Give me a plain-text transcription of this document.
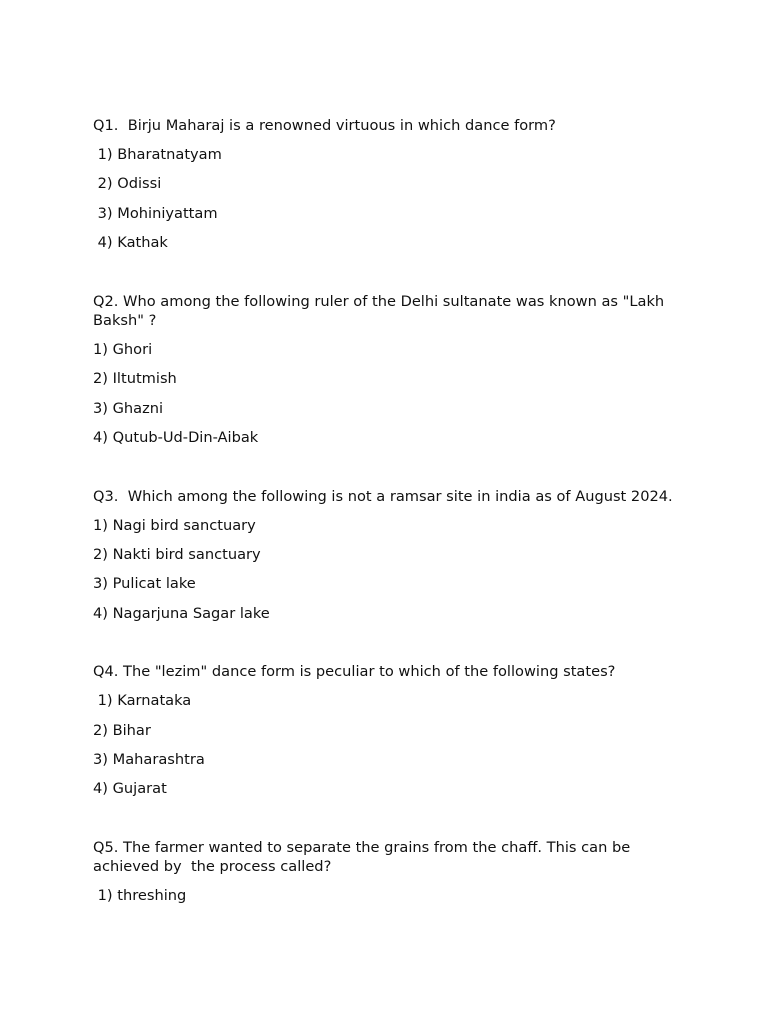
Q1.  Birju Maharaj is a renowned virtuous in which dance form?

1) Bharatnatyam

2) Odissi

3) Mohiniyattam

4) Kathak

Q2. Who among the following ruler of the Delhi sultanate was known as "Lakh Baksh" ?

1) Ghori

2) Iltutmish

3) Ghazni

4) Qutub-Ud-Din-Aibak

Q3.  Which among the following is not a ramsar site in india as of August 2024.

1) Nagi bird sanctuary

2) Nakti bird sanctuary

3) Pulicat lake

4) Nagarjuna Sagar lake

Q4. The "lezim" dance form is peculiar to which of the following states?

1) Karnataka

2) Bihar

3) Maharashtra

4) Gujarat

Q5. The farmer wanted to separate the grains from the chaff. This can be achieved by  the process called?

1) threshing
